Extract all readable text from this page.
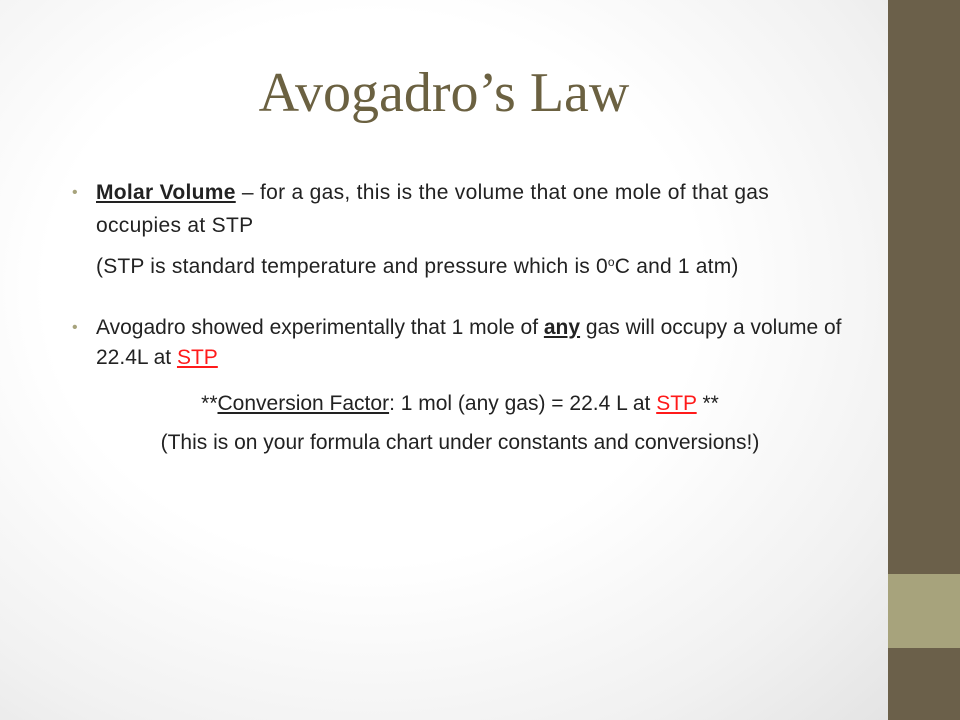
Avogadro’s Law
• Molar Volume – for a gas, this is the volume that one mole of that gas occupies at STP
(STP is standard temperature and pressure which is 0$^o$C and 1 atm)
• Avogadro showed experimentally that 1 mole of any gas will occupy a volume of 22.4L at STP
**Conversion Factor: 1 mol (any gas) = 22.4 L at STP **
(This is on your formula chart under constants and conversions!)
